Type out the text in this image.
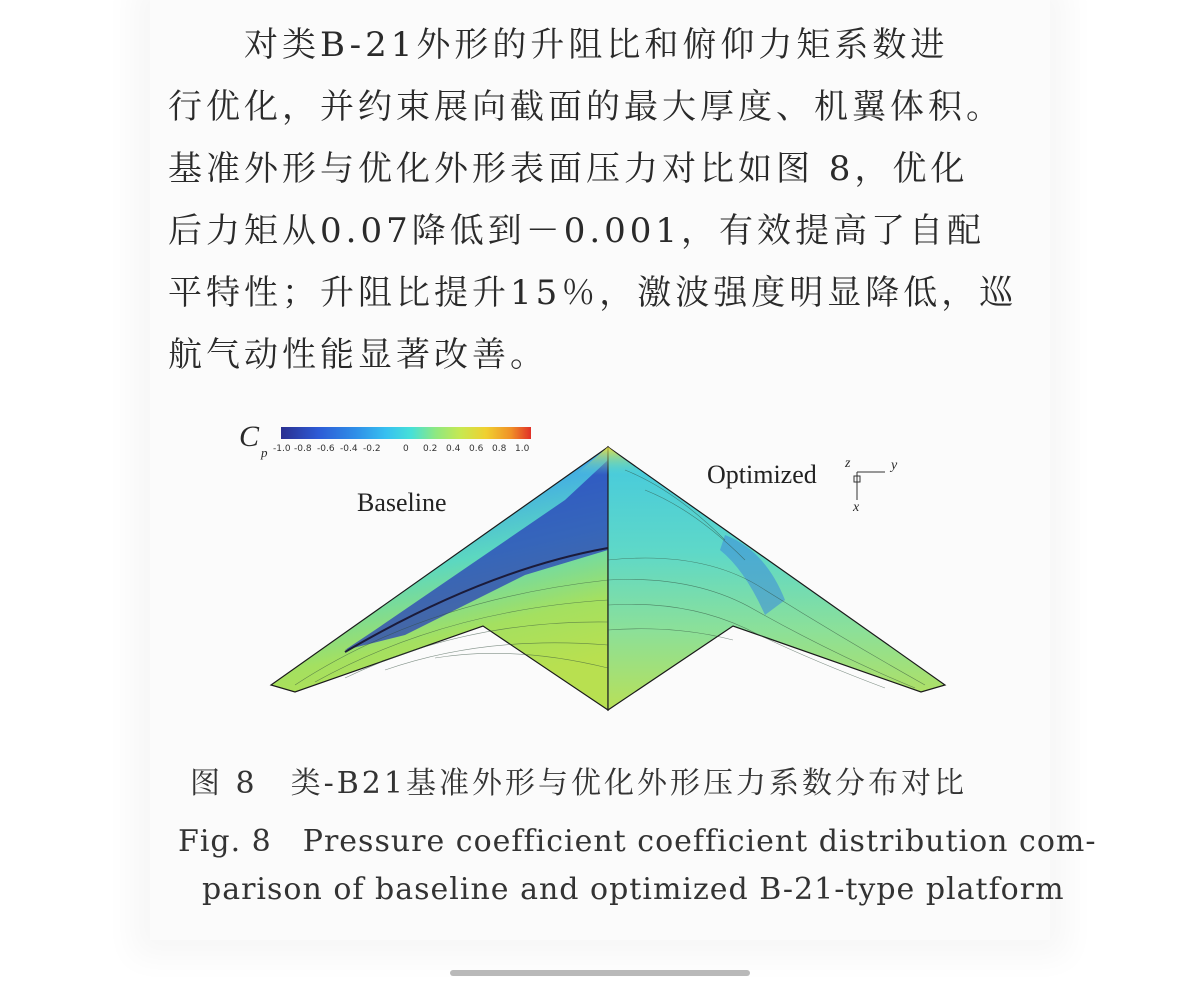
　　对类B-21外形的升阻比和俯仰力矩系数进
行优化，并约束展向截面的最大厚度、机翼体积。
基准外形与优化外形表面压力对比如图 8，优化
后力矩从0.07降低到－0.001，有效提高了自配
平特性；升阻比提升15％，激波强度明显降低，巡
航气动性能显著改善。
C p -1.0 -0.8 -0.6 -0.4 -0.2 0 0.2 0.4 0.6 0.8 1.0
Baseline
Optimized z	y
x
图 8　类-B21基准外形与优化外形压力系数分布对比
Fig. 8　Pressure coefficient coefficient distribution com-
parison of baseline and optimized B-21-type platform
